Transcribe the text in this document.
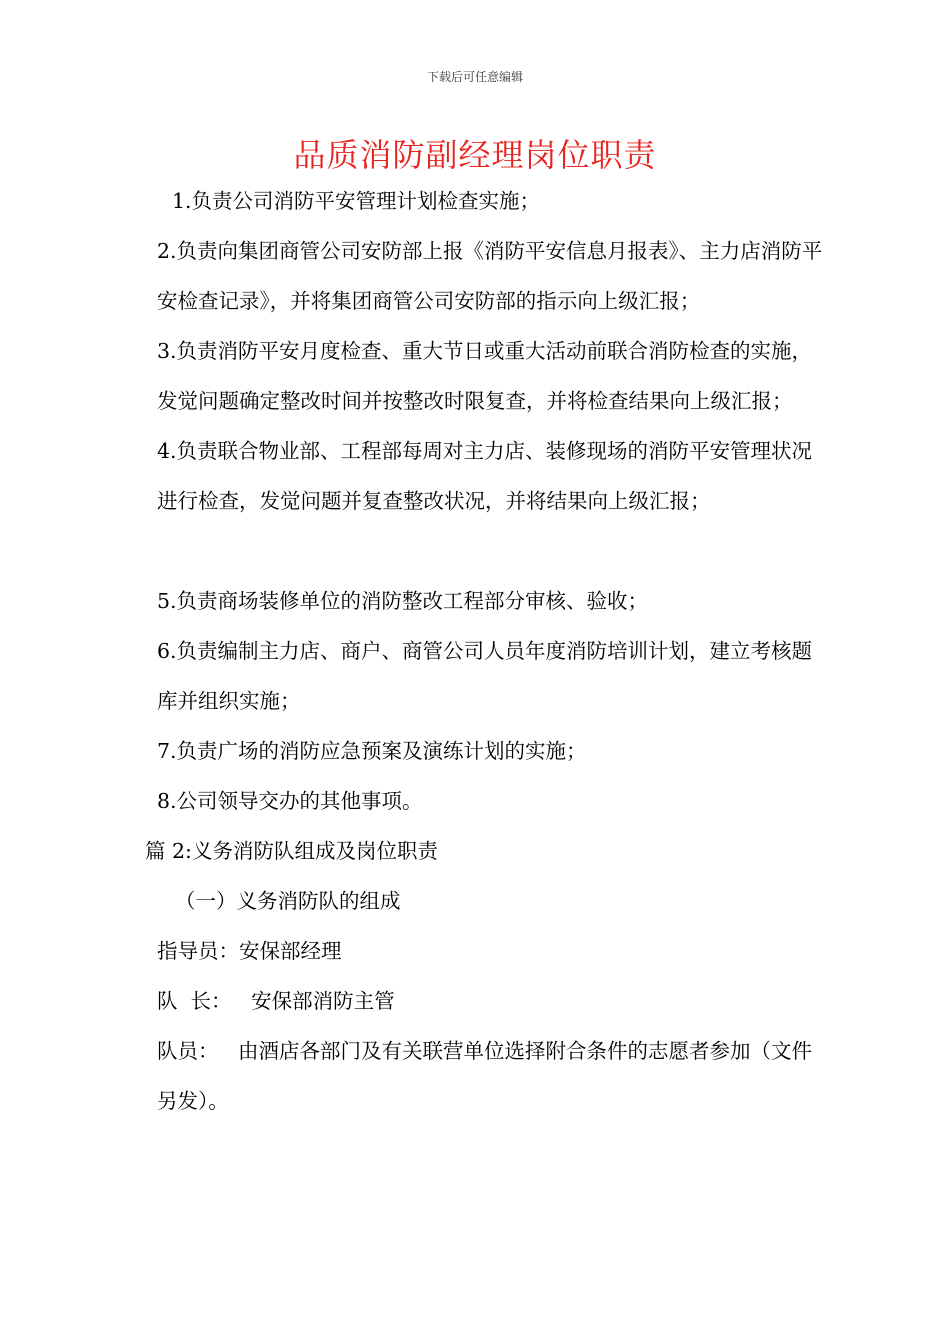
下载后可任意编辑
品质消防副经理岗位职责

1.负责公司消防平安管理计划检查实施；

2.负责向集团商管公司安防部上报《消防平安信息月报表》、主力店消防平安检查记录》，并将集团商管公司安防部的指示向上级汇报；

3.负责消防平安月度检查、重大节日或重大活动前联合消防检查的实施，发觉问题确定整改时间并按整改时限复查，并将检查结果向上级汇报；

4.负责联合物业部、工程部每周对主力店、装修现场的消防平安管理状况进行检查，发觉问题并复查整改状况，并将结果向上级汇报；

5.负责商场装修单位的消防整改工程部分审核、验收；

6.负责编制主力店、商户、商管公司人员年度消防培训计划，建立考核题库并组织实施；

7.负责广场的消防应急预案及演练计划的实施；

8.公司领导交办的其他事项。

篇 2:义务消防队组成及岗位职责

（一）义务消防队的组成

指导员：安保部经理

队  长：   安保部消防主管

队员：   由酒店各部门及有关联营单位选择附合条件的志愿者参加（文件另发）。
